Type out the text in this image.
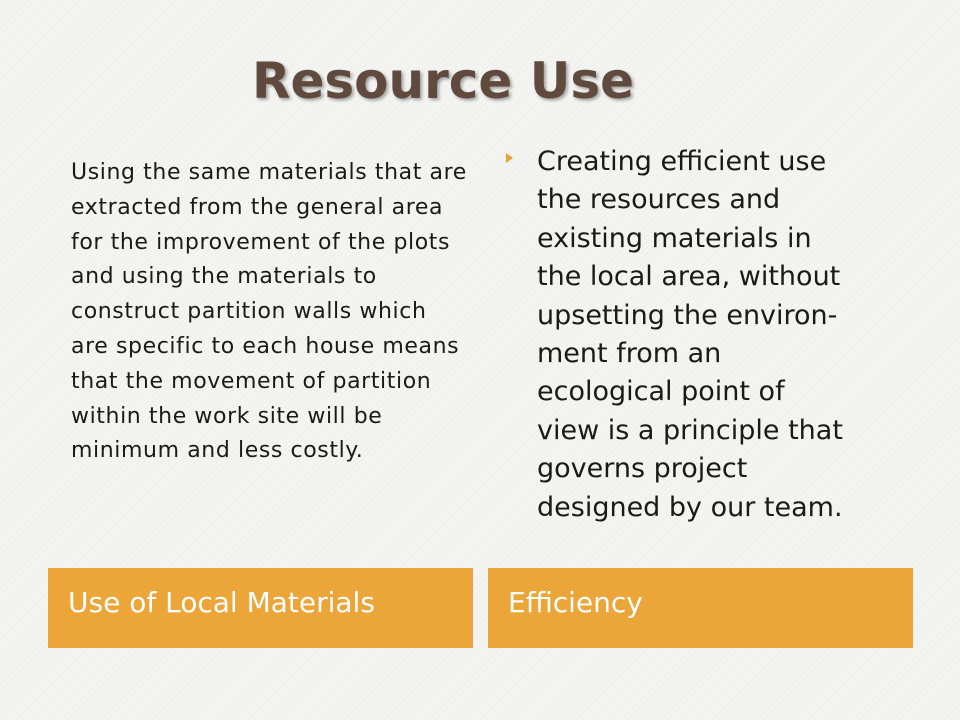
Resource Use

Using the same materials that are extracted from the general area for the improvement of the plots and using the materials to construct partition walls which are specific to each house means that the movement of partition within the work site will be minimum and less costly.

Creating efficient use
the resources and
existing materials in
the local area, without
upsetting the environ-
ment from an
ecological point of
view is a principle that
governs project
designed by our team.

Use of Local Materials	Efficiency
